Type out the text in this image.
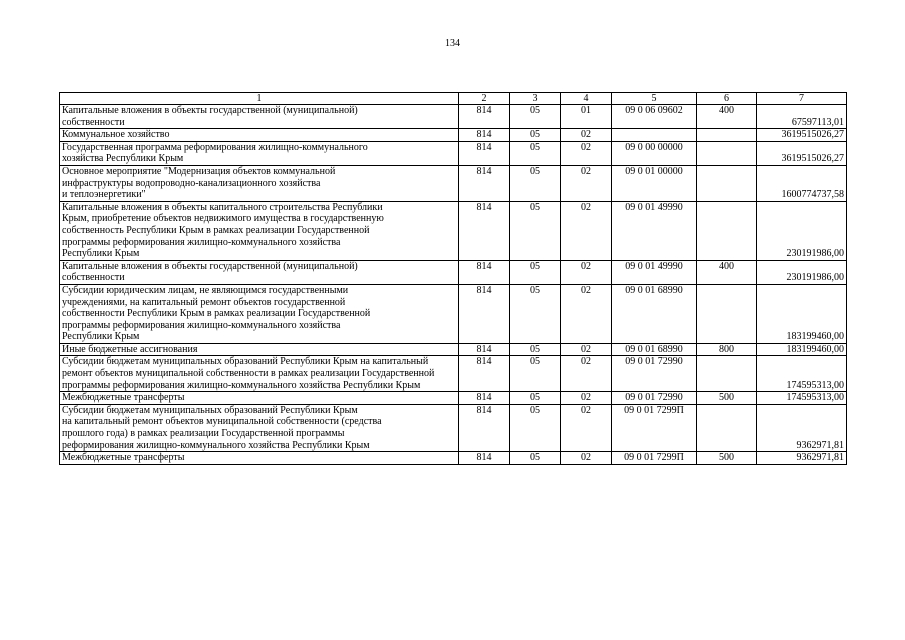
134
1	2	3	4	5	6	7
Капитальные вложения в объекты государственной (муниципальной)
собственности	814	05	01	09 0 06 09602	400	67597113,01
Коммунальное хозяйство	814	05	02			3619515026,27
Государственная программа реформирования жилищно-коммунального
хозяйства Республики Крым	814	05	02	09 0 00 00000		3619515026,27
Основное мероприятие "Модернизация объектов коммунальной
инфраструктуры водопроводно-канализационного хозяйства
и теплоэнергетики"	814	05	02	09 0 01 00000		1600774737,58
Капитальные вложения в объекты капитального строительства Республики
Крым, приобретение объектов недвижимого имущества в государственную
собственность Республики Крым в рамках реализации Государственной
программы реформирования жилищно-коммунального хозяйства
Республики Крым	814	05	02	09 0 01 49990		230191986,00
Капитальные вложения в объекты государственной (муниципальной)
собственности	814	05	02	09 0 01 49990	400	230191986,00
Субсидии юридическим лицам, не являющимся государственными
учреждениями, на капитальный ремонт объектов государственной
собственности Республики Крым в рамках реализации Государственной
программы реформирования жилищно-коммунального хозяйства
Республики Крым	814	05	02	09 0 01 68990		183199460,00
Иные бюджетные ассигнования	814	05	02	09 0 01 68990	800	183199460,00
Субсидии бюджетам муниципальных образований Республики Крым на капитальный ремонт объектов муниципальной собственности в рамках реализации Государственной программы реформирования жилищно-коммунального хозяйства Республики Крым	814	05	02	09 0 01 72990		174595313,00
Межбюджетные трансферты	814	05	02	09 0 01 72990	500	174595313,00
Субсидии бюджетам муниципальных образований Республики Крым
на капитальный ремонт объектов муниципальной собственности (средства
прошлого года) в рамках реализации Государственной программы
реформирования жилищно-коммунального хозяйства Республики Крым	814	05	02	09 0 01 7299П		9362971,81
Межбюджетные трансферты	814	05	02	09 0 01 7299П	500	9362971,81
